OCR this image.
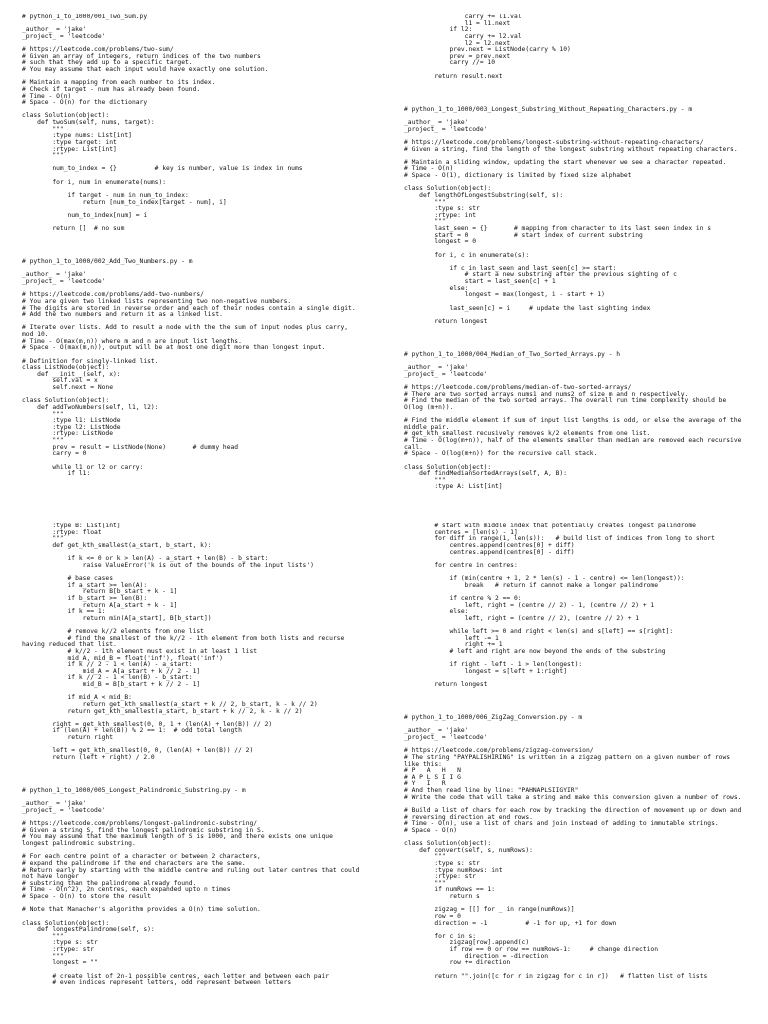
# python_1_to_1000/001_Two_Sum.py

_author_ = 'jake'
_project_ = 'leetcode'

# https://leetcode.com/problems/two-sum/
# Given an array of integers, return indices of the two numbers
# such that they add up to a specific target.
# You may assume that each input would have exactly one solution.

# Maintain a mapping from each number to its index.
# Check if target - num has already been found.
# Time - O(n)
# Space - O(n) for the dictionary

class Solution(object):
def twoSum(self, nums, target):
"""
:type nums: List[int]
:type target: int
:rtype: List[int]
"""

num_to_index = {}          # key is number, value is index in nums

for i, num in enumerate(nums):

if target - num in num_to_index:
return [num_to_index[target - num], i]

num_to_index[num] = i

return []  # no sum

# python_1_to_1000/002_Add_Two_Numbers.py - m

_author_ = 'jake'
_project_ = 'leetcode'

# https://leetcode.com/problems/add-two-numbers/
# You are given two linked lists representing two non-negative numbers.
# The digits are stored in reverse order and each of their nodes contain a single digit.
# Add the two numbers and return it as a linked list.

# Iterate over lists. Add to result a node with the the sum of input nodes plus carry,
mod 10.
# Time - O(max(m,n)) where m and n are input list lengths.
# Space - O(max(m,n)), output will be at most one digit more than longest input.

# Definition for singly-linked list.
class ListNode(object):
def __init__(self, x):
self.val = x
self.next = None

class Solution(object):
def addTwoNumbers(self, l1, l2):
"""
:type l1: ListNode
:type l2: ListNode
:rtype: ListNode
"""
prev = result = ListNode(None)       # dummy head
carry = 0

while l1 or l2 or carry:
if l1:
carry += l1.val
l1 = l1.next
if l2:
carry += l2.val
l2 = l2.next
prev.next = ListNode(carry % 10)
prev = prev.next
carry //= 10

return result.next

# python_1_to_1000/003_Longest_Substring_Without_Repeating_Characters.py - m

_author_ = 'jake'
_project_ = 'leetcode'

# https://leetcode.com/problems/longest-substring-without-repeating-characters/
# Given a string, find the length of the longest substring without repeating characters.

# Maintain a sliding window, updating the start whenever we see a character repeated.
# Time - O(n)
# Space - O(1), dictionary is limited by fixed size alphabet

class Solution(object):
def lengthOfLongestSubstring(self, s):
"""
:type s: str
:rtype: int
"""
last_seen = {}       # mapping from character to its last seen index in s
start = 0            # start index of current substring
longest = 0

for i, c in enumerate(s):

if c in last_seen and last_seen[c] >= start:
# start a new substring after the previous sighting of c
start = last_seen[c] + 1
else:
longest = max(longest, i - start + 1)

last_seen[c] = i     # update the last sighting index

return longest

# python_1_to_1000/004_Median_of_Two_Sorted_Arrays.py - h

_author_ = 'jake'
_project_ = 'leetcode'

# https://leetcode.com/problems/median-of-two-sorted-arrays/
# There are two sorted arrays nums1 and nums2 of size m and n respectively.
# Find the median of the two sorted arrays. The overall run time complexity should be
O(log (m+n)).

# Find the middle element if sum of input list lengths is odd, or else the average of the
middle pair.
# get_kth_smallest recusively removes k/2 elements from one list.
# Time - O(log(m+n)), half of the elements smaller than median are removed each recursive
call.
# Space - O(log(m+n)) for the recursive call stack.

class Solution(object):
def findMedianSortedArrays(self, A, B):
"""
:type A: List[int]
:type B: List[int]
:rtype: float
"""
def get_kth_smallest(a_start, b_start, k):

if k <= 0 or k > len(A) - a_start + len(B) - b_start:
raise ValueError('k is out of the bounds of the input lists')

# base cases
if a_start >= len(A):
return B[b_start + k - 1]
if b_start >= len(B):
return A[a_start + k - 1]
if k == 1:
return min(A[a_start], B[b_start])

# remove k//2 elements from one list
# find the smallest of the k//2 - 1th element from both lists and recurse
having reduced that list.
# k//2 - 1th element must exist in at least 1 list
mid_A, mid_B = float('inf'), float('inf')
if k // 2 - 1 < len(A) - a_start:
mid_A = A[a_start + k // 2 - 1]
if k // 2 - 1 < len(B) - b_start:
mid_B = B[b_start + k // 2 - 1]

if mid_A < mid_B:
return get_kth_smallest(a_start + k // 2, b_start, k - k // 2)
return get_kth_smallest(a_start, b_start + k // 2, k - k // 2)

right = get_kth_smallest(0, 0, 1 + (len(A) + len(B)) // 2)
if (len(A) + len(B)) % 2 == 1:  # odd total length
return right

left = get_kth_smallest(0, 0, (len(A) + len(B)) // 2)
return (left + right) / 2.0

# python_1_to_1000/005_Longest_Palindromic_Substring.py - m

_author_ = 'jake'
_project_ = 'leetcode'

# https://leetcode.com/problems/longest-palindromic-substring/
# Given a string S, find the longest palindromic substring in S.
# You may assume that the maximum length of S is 1000, and there exists one unique
longest palindromic substring.

# For each centre point of a character or between 2 characters,
# expand the palindrome if the end characters are the same.
# Return early by starting with the middle centre and ruling out later centres that could
not have longer
# substring than the palindrome already found.
# Time - O(n^2), 2n centres, each expanded upto n times
# Space - O(n) to store the result

# Note that Manacher's algorithm provides a O(n) time solution.

class Solution(object):
def longestPalindrome(self, s):
"""
:type s: str
:rtype: str
"""
longest = ""

# create list of 2n-1 possible centres, each letter and between each pair
# even indices represent letters, odd represent between letters
# start with middle index that potentially creates longest palindrome
centres = [len(s) - 1]
for diff in range(1, len(s)):   # build list of indices from long to short
centres.append(centres[0] + diff)
centres.append(centres[0] - diff)

for centre in centres:

if (min(centre + 1, 2 * len(s) - 1 - centre) <= len(longest)):
break   # return if cannot make a longer palindrome

if centre % 2 == 0:
left, right = (centre // 2) - 1, (centre // 2) + 1
else:
left, right = (centre // 2), (centre // 2) + 1

while left >= 0 and right < len(s) and s[left] == s[right]:
left -= 1
right += 1
# left and right are now beyond the ends of the substring

if right - left - 1 > len(longest):
longest = s[left + 1:right]

return longest

# python_1_to_1000/006_ZigZag_Conversion.py - m

_author_ = 'jake'
_project_ = 'leetcode'

# https://leetcode.com/problems/zigzag-conversion/
# The string "PAYPALISHIRING" is written in a zigzag pattern on a given number of rows
like this:
# P   A   H   N
# A P L S I I G
# Y   I   R
# And then read line by line: "PAHNAPLSIIGYIR"
# Write the code that will take a string and make this conversion given a number of rows.

# Build a list of chars for each row by tracking the direction of movement up or down and
# reversing direction at end rows.
# Time - O(n), use a list of chars and join instead of adding to immutable strings.
# Space - O(n)

class Solution(object):
def convert(self, s, numRows):
"""
:type s: str
:type numRows: int
:rtype: str
"""
if numRows == 1:
return s

zigzag = [[] for _ in range(numRows)]
row = 0
direction = -1          # -1 for up, +1 for down

for c in s:
zigzag[row].append(c)
if row == 0 or row == numRows-1:     # change direction
direction = -direction
row += direction

return "".join([c for r in zigzag for c in r])   # flatten list of lists
